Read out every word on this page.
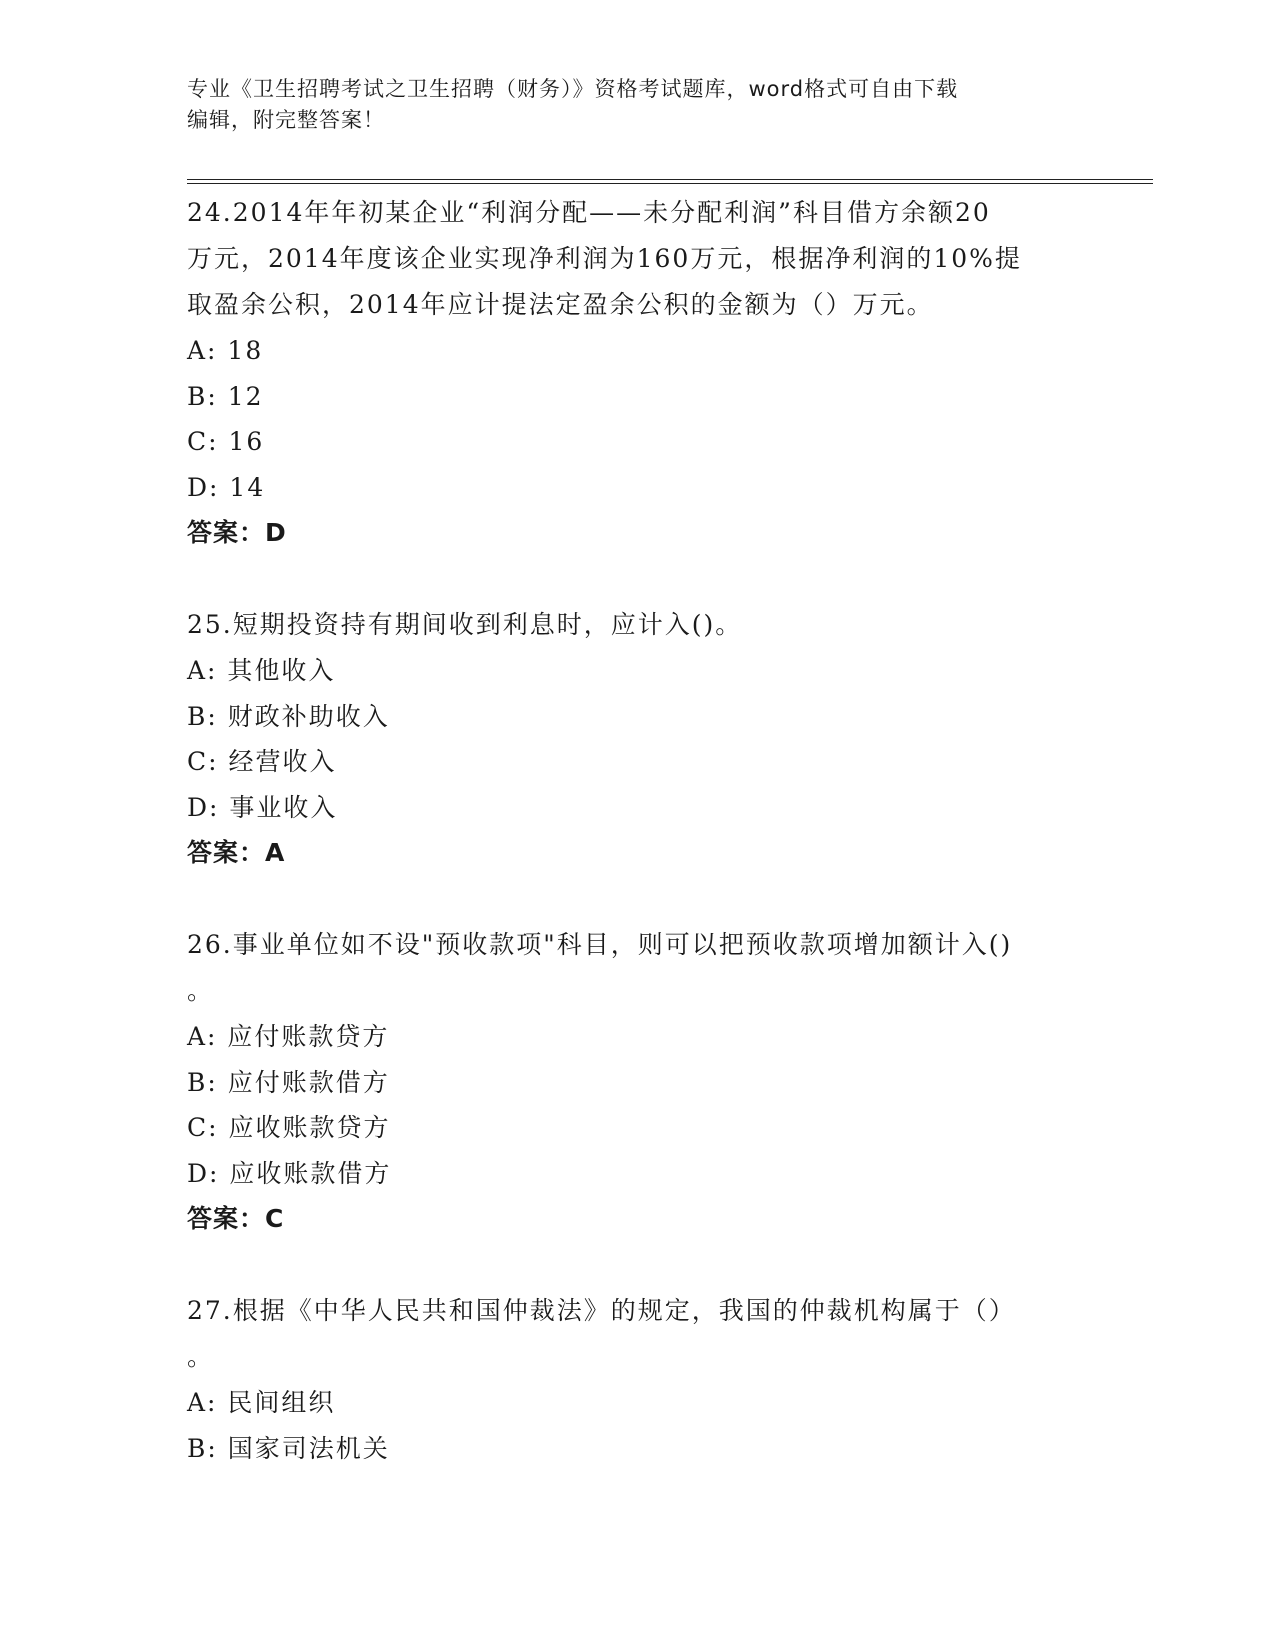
专业《卫生招聘考试之卫生招聘（财务）》资格考试题库，word格式可自由下载
编辑，附完整答案！

24.2014年年初某企业“利润分配——未分配利润”科目借方余额20

万元，2014年度该企业实现净利润为160万元，根据净利润的10%提

取盈余公积，2014年应计提法定盈余公积的金额为（）万元。

A: 18

B: 12

C: 16

D: 14

答案：D

25.短期投资持有期间收到利息时，应计入()。

A: 其他收入

B: 财政补助收入

C: 经营收入

D: 事业收入

答案：A

26.事业单位如不设"预收款项"科目，则可以把预收款项增加额计入()

。

A: 应付账款贷方

B: 应付账款借方

C: 应收账款贷方

D: 应收账款借方

答案：C

27.根据《中华人民共和国仲裁法》的规定，我国的仲裁机构属于（）

。

A: 民间组织

B: 国家司法机关
